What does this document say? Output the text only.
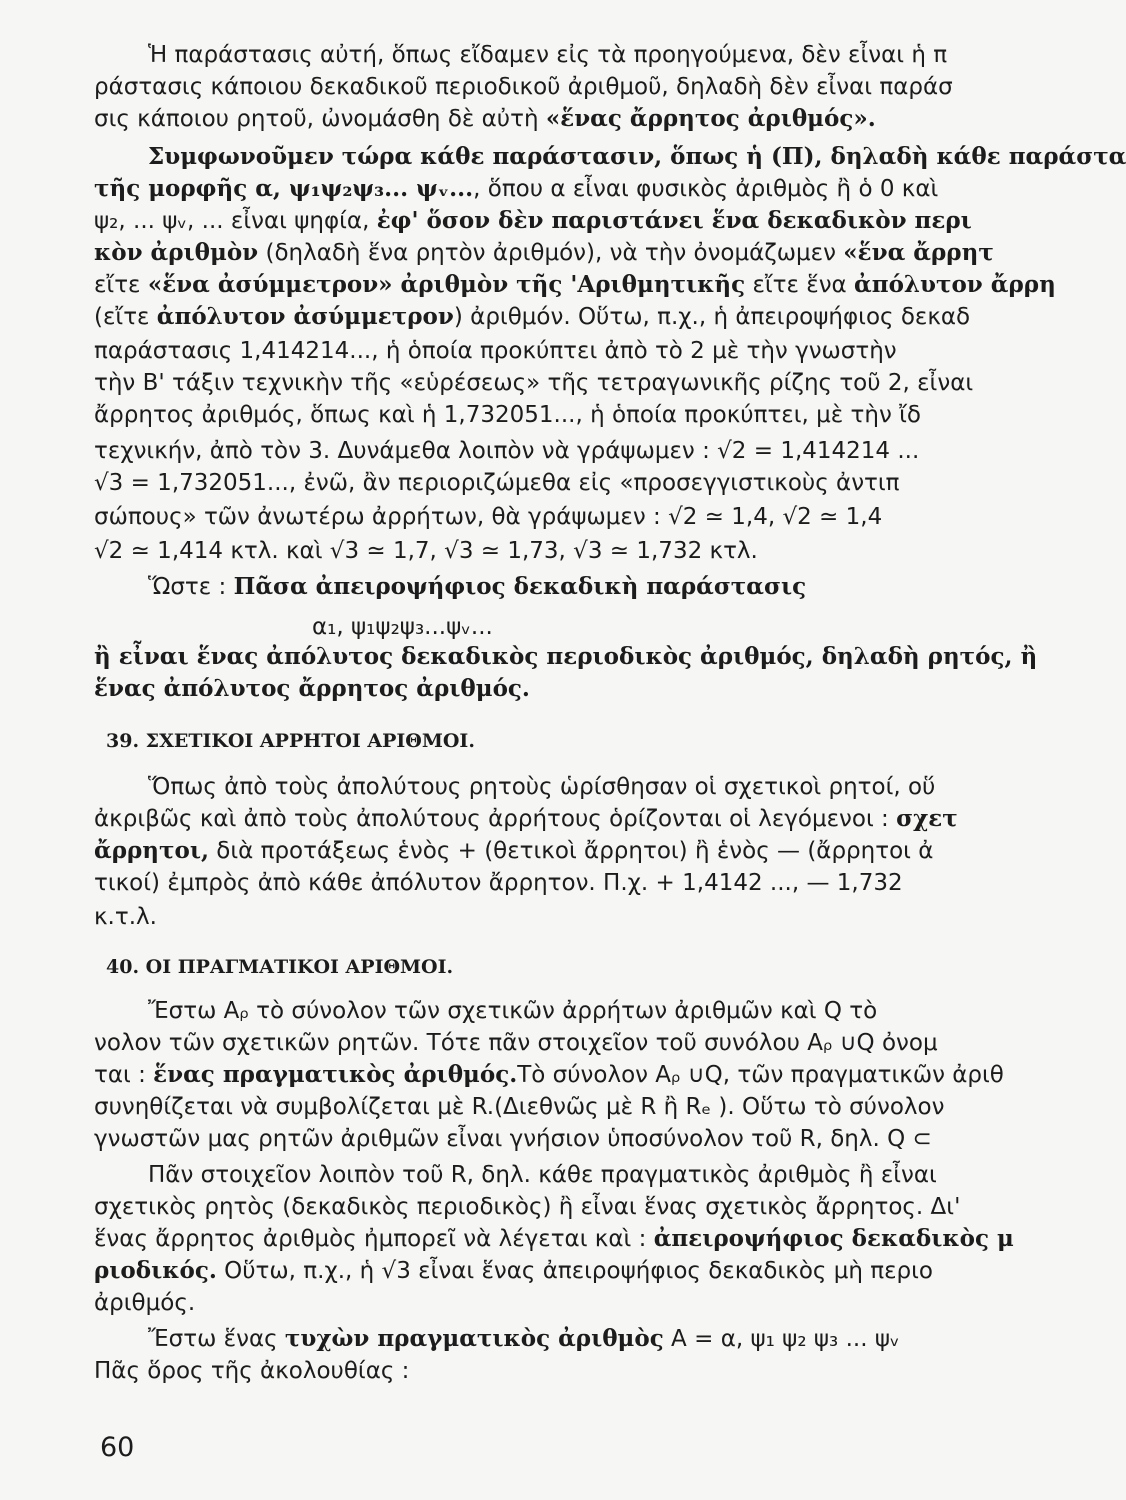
Ἡ παράστασις αὐτή, ὅπως εἴδαμεν εἰς τὰ προηγούμενα, δὲν εἶναι ἡ π
ράστασις κάποιου δεκαδικοῦ περιοδικοῦ ἀριθμοῦ, δηλαδὴ δὲν εἶναι παράσ
σις κάποιου ρητοῦ, ὠνομάσθη δὲ αὐτὴ «ἕνας ἄρρητος ἀριθμός».
Συμφωνοῦμεν τώρα κάθε παράστασιν, ὅπως ἡ (Π), δηλαδὴ κάθε παράστα
τῆς μορφῆς α, ψ₁ψ₂ψ₃... ψᵥ..., ὅπου α εἶναι φυσικὸς ἀριθμὸς ἢ ὁ 0 καὶ
ψ₂, ... ψᵥ, ... εἶναι ψηφία, ἐφ' ὅσον δὲν παριστάνει ἕνα δεκαδικὸν περι
κὸν ἀριθμὸν (δηλαδὴ ἕνα ρητὸν ἀριθμόν), νὰ τὴν ὀνομάζωμεν «ἕνα ἄρρητ
εἴτε «ἕνα ἀσύμμετρον» ἀριθμὸν τῆς 'Αριθμητικῆς εἴτε ἕνα ἀπόλυτον ἄρρη
(εἴτε ἀπόλυτον ἀσύμμετρον) ἀριθμόν. Οὕτω, π.χ., ἡ ἀπειροψήφιος δεκαδ
παράστασις 1,414214..., ἡ ὁποία προκύπτει ἀπὸ τὸ 2 μὲ τὴν γνωστὴν
τὴν Β' τάξιν τεχνικὴν τῆς «εὑρέσεως» τῆς τετραγωνικῆς ρίζης τοῦ 2, εἶναι
ἄρρητος ἀριθμός, ὅπως καὶ ἡ 1,732051..., ἡ ὁποία προκύπτει, μὲ τὴν ἴδ
τεχνικήν, ἀπὸ τὸν 3. Δυνάμεθα λοιπὸν νὰ γράψωμεν : √2 = 1,414214 ...
√3 = 1,732051..., ἐνῶ, ἂν περιοριζώμεθα εἰς «προσεγγιστικοὺς ἀντιπ
σώπους» τῶν ἀνωτέρω ἀρρήτων, θὰ γράψωμεν : √2 ≃ 1,4, √2 ≃ 1,4
√2 ≃ 1,414 κτλ. καὶ √3 ≃ 1,7, √3 ≃ 1,73, √3 ≃ 1,732 κτλ.
Ὥστε : Πᾶσα ἀπειροψήφιος δεκαδικὴ παράστασις
α₁, ψ₁ψ₂ψ₃...ψᵥ...
ἢ εἶναι ἕνας ἀπόλυτος δεκαδικὸς περιοδικὸς ἀριθμός, δηλαδὴ ρητός, ἢ
ἕνας ἀπόλυτος ἄρρητος ἀριθμός.
Ὅπως ἀπὸ τοὺς ἀπολύτους ρητοὺς ὡρίσθησαν οἱ σχετικοὶ ρητοί, οὕ
ἀκριβῶς καὶ ἀπὸ τοὺς ἀπολύτους ἀρρήτους ὁρίζονται οἱ λεγόμενοι : σχετ
ἄρρητοι, διὰ προτάξεως ἑνὸς + (θετικοὶ ἄρρητοι) ἢ ἑνὸς — (ἄρρητοι ἀ
τικοί) ἐμπρὸς ἀπὸ κάθε ἀπόλυτον ἄρρητον. Π.χ. + 1,4142 ..., — 1,732
κ.τ.λ.
Ἔστω Aᵨ τὸ σύνολον τῶν σχετικῶν ἀρρήτων ἀριθμῶν καὶ Q τὸ
νολον τῶν σχετικῶν ρητῶν. Τότε πᾶν στοιχεῖον τοῦ συνόλου Aᵨ ∪Q ὀνομ
ται : ἕνας πραγματικὸς ἀριθμός.Τὸ σύνολον Aᵨ ∪Q, τῶν πραγματικῶν ἀριθ
συνηθίζεται νὰ συμβολίζεται μὲ R.(Διεθνῶς μὲ R ἢ Rₑ ). Οὕτω τὸ σύνολον
γνωστῶν μας ρητῶν ἀριθμῶν εἶναι γνήσιον ὑποσύνολον τοῦ R, δηλ. Q ⊂
Πᾶν στοιχεῖον λοιπὸν τοῦ R, δηλ. κάθε πραγματικὸς ἀριθμὸς ἢ εἶναι
σχετικὸς ρητὸς (δεκαδικὸς περιοδικὸς) ἢ εἶναι ἕνας σχετικὸς ἄρρητος. Δι'
ἕνας ἄρρητος ἀριθμὸς ἠμπορεῖ νὰ λέγεται καὶ : ἀπειροψήφιος δεκαδικὸς μ
ριοδικός. Οὕτω, π.χ., ἡ √3 εἶναι ἕνας ἀπειροψήφιος δεκαδικὸς μὴ περιο
ἀριθμός.
Ἔστω ἕνας τυχὼν πραγματικὸς ἀριθμὸς A = α, ψ₁ ψ₂ ψ₃ ... ψᵥ
Πᾶς ὅρος τῆς ἀκολουθίας :
39. ΣΧΕΤΙΚΟΙ ΑΡΡΗΤΟΙ ΑΡΙΘΜΟΙ.
40. ΟΙ ΠΡΑΓΜΑΤΙΚΟΙ ΑΡΙΘΜΟΙ.
60
